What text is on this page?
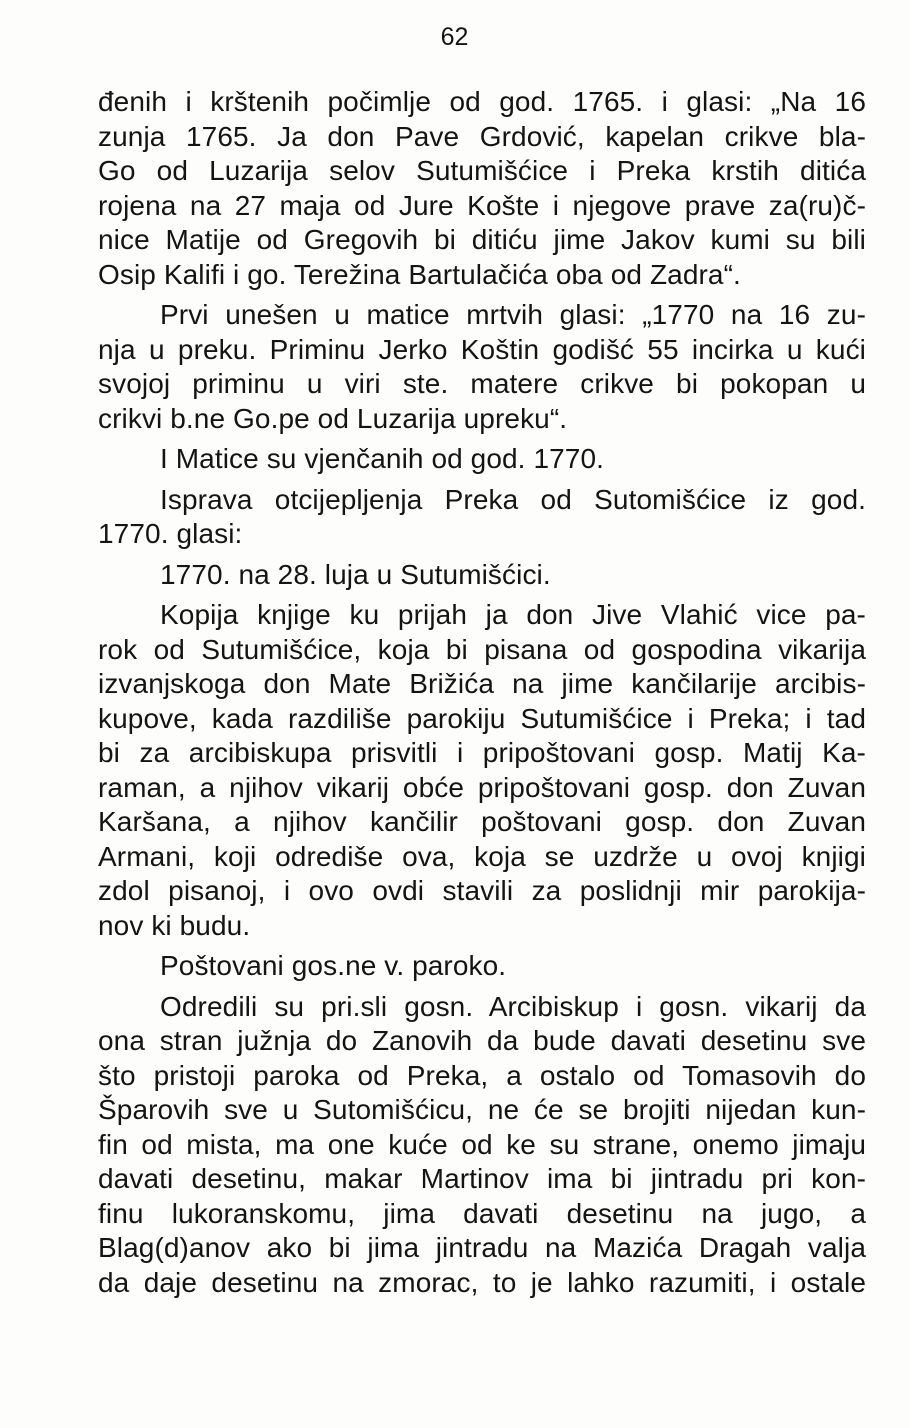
62
đenih i krštenih počimlje od god. 1765. i glasi: „Na 16
zunja 1765. Ja don Pave Grdović, kapelan crikve bla-
Go od Luzarija selov Sutumišćice i Preka krstih ditića
rojena na 27 maja od Jure Košte i njegove prave za(ru)č-
nice Matije od Gregovih bi ditiću jime Jakov kumi su bili
Osip Kalifi i go. Terežina Bartulačića oba od Zadra“.
Prvi unešen u matice mrtvih glasi: „1770 na 16 zu-
nja u preku. Priminu Jerko Koštin godišć 55 incirka u kući
svojoj priminu u viri ste. matere crikve bi pokopan u
crikvi b.ne Go.pe od Luzarija upreku“.
I Matice su vjenčanih od god. 1770.
Isprava otcijepljenja Preka od Sutomišćice iz god.
1770. glasi:
1770. na 28. luja u Sutumišćici.
Kopija knjige ku prijah ja don Jive Vlahić vice pa-
rok od Sutumišćice, koja bi pisana od gospodina vikarija
izvanjskoga don Mate Brižića na jime kančilarije arcibis-
kupove, kada razdiliše parokiju Sutumišćice i Preka; i tad
bi za arcibiskupa prisvitli i pripoštovani gosp. Matij Ka-
raman, a njihov vikarij obće pripoštovani gosp. don Zuvan
Karšana, a njihov kančilir poštovani gosp. don Zuvan
Armani, koji odrediše ova, koja se uzdrže u ovoj knjigi
zdol pisanoj, i ovo ovdi stavili za poslidnji mir parokija-
nov ki budu.
Poštovani gos.ne v. paroko.
Odredili su pri.sli gosn. Arcibiskup i gosn. vikarij da
ona stran južnja do Zanovih da bude davati desetinu sve
što pristoji paroka od Preka, a ostalo od Tomasovih do
Šparovih sve u Sutomišćicu, ne će se brojiti nijedan kun-
fin od mista, ma one kuće od ke su strane, onemo jimaju
davati desetinu, makar Martinov ima bi jintradu pri kon-
finu lukoranskomu, jima davati desetinu na jugo, a
Blag(d)anov ako bi jima jintradu na Mazića Dragah valja
da daje desetinu na zmorac, to je lahko razumiti, i ostale
